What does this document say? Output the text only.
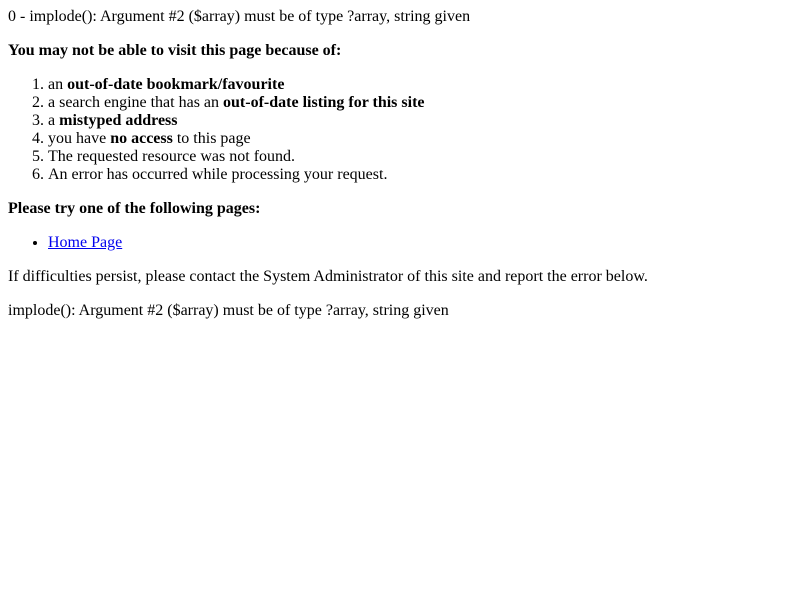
0 - implode(): Argument #2 ($array) must be of type ?array, string given

You may not be able to visit this page because of:

1. an out-of-date bookmark/favourite
2. a search engine that has an out-of-date listing for this site
3. a mistyped address
4. you have no access to this page
5. The requested resource was not found.
6. An error has occurred while processing your request.

Please try one of the following pages:

• Home Page

If difficulties persist, please contact the System Administrator of this site and report the error below.

implode(): Argument #2 ($array) must be of type ?array, string given
